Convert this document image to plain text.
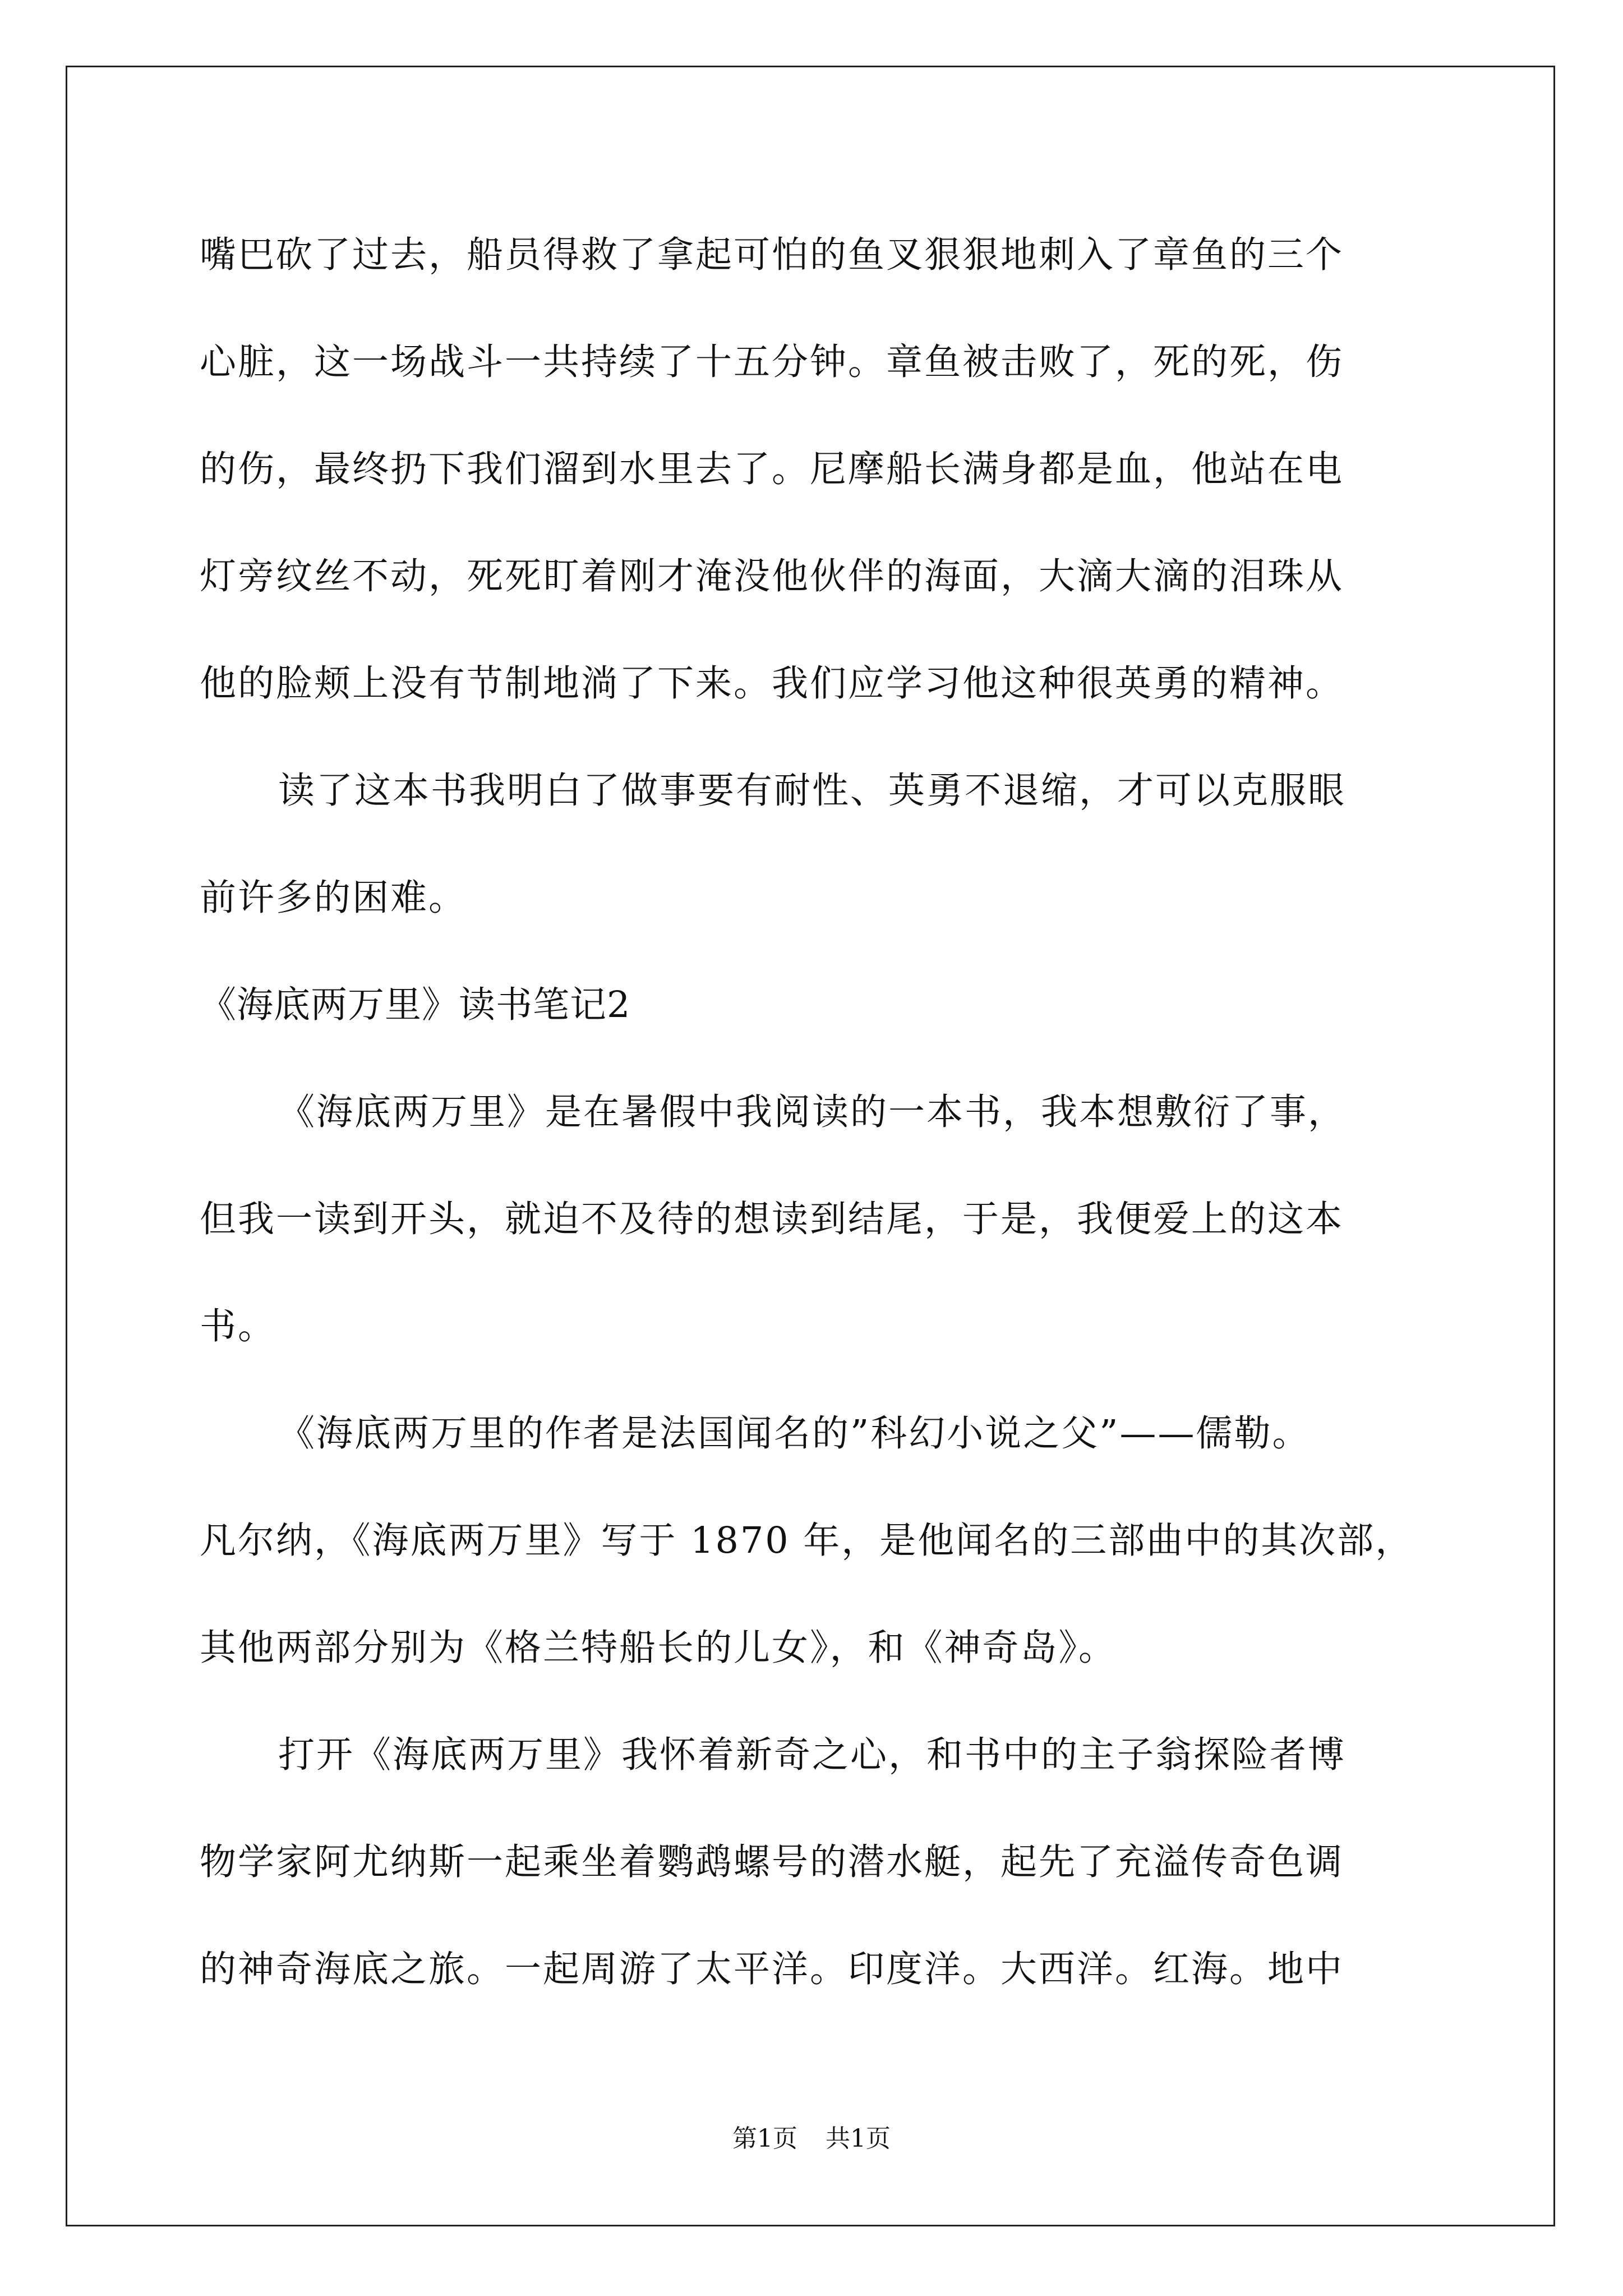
嘴巴砍了过去，船员得救了拿起可怕的鱼叉狠狠地刺入了章鱼的三个
心脏，这一场战斗一共持续了十五分钟。章鱼被击败了，死的死，伤
的伤，最终扔下我们溜到水里去了。尼摩船长满身都是血，他站在电
灯旁纹丝不动，死死盯着刚才淹没他伙伴的海面，大滴大滴的泪珠从
他的脸颊上没有节制地淌了下来。我们应学习他这种很英勇的精神。
读了这本书我明白了做事要有耐性、英勇不退缩，才可以克服眼
前许多的困难。
《海底两万里》读书笔记2
《海底两万里》是在暑假中我阅读的一本书，我本想敷衍了事，
但我一读到开头，就迫不及待的想读到结尾，于是，我便爱上的这本
书。
《海底两万里的作者是法国闻名的”科幻小说之父”——儒勒。
凡尔纳，《海底两万里》写于 1870 年，是他闻名的三部曲中的其次部，
其他两部分别为《格兰特船长的儿女》，和《神奇岛》。
打开《海底两万里》我怀着新奇之心，和书中的主子翁探险者博
物学家阿尤纳斯一起乘坐着鹦鹉螺号的潜水艇，起先了充溢传奇色调
的神奇海底之旅。一起周游了太平洋。印度洋。大西洋。红海。地中
第1页 共1页
